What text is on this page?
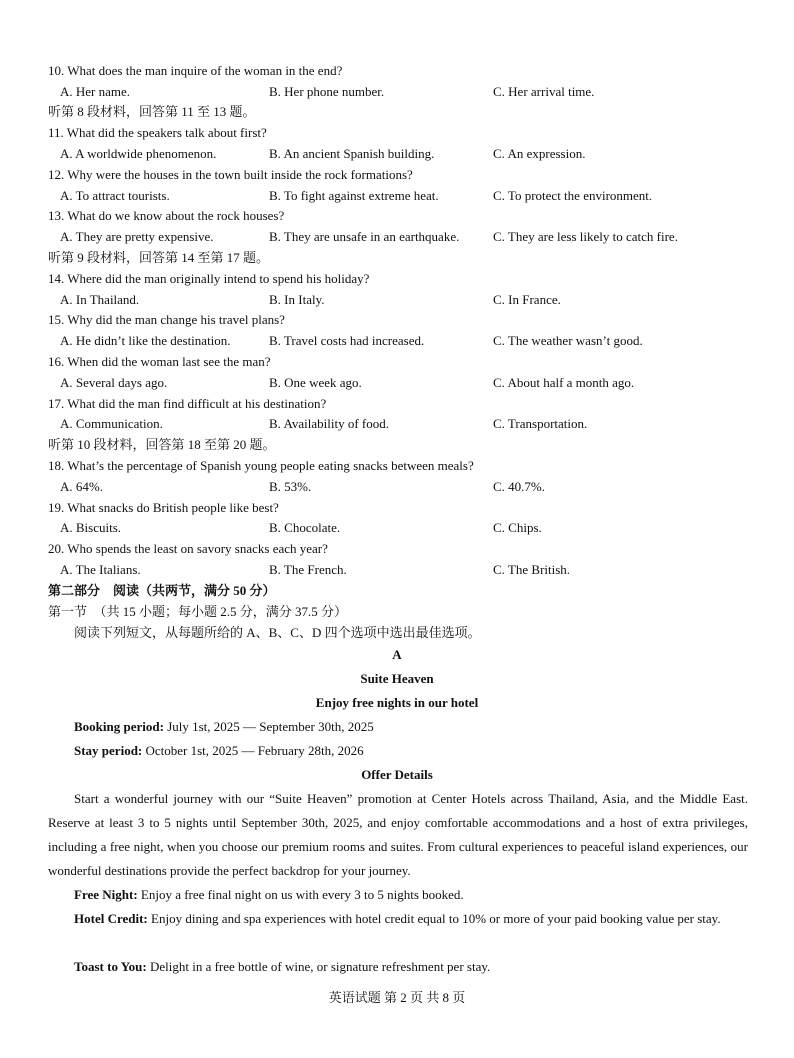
10. What does the man inquire of the woman in the end?
A. Her name.	B. Her phone number.	C. Her arrival time.
听第 8 段材料，回答第 11 至 13 题。
11. What did the speakers talk about first?
A. A worldwide phenomenon.	B. An ancient Spanish building.	C. An expression.
12. Why were the houses in the town built inside the rock formations?
A. To attract tourists.	B. To fight against extreme heat.	C. To protect the environment.
13. What do we know about the rock houses?
A. They are pretty expensive.	B. They are unsafe in an earthquake.	C. They are less likely to catch fire.
听第 9 段材料，回答第 14 至第 17 题。
14. Where did the man originally intend to spend his holiday?
A. In Thailand.	B. In Italy.	C. In France.
15. Why did the man change his travel plans?
A. He didn’t like the destination.	B. Travel costs had increased.	C. The weather wasn’t good.
16. When did the woman last see the man?
A. Several days ago.	B. One week ago.	C. About half a month ago.
17. What did the man find difficult at his destination?
A. Communication.	B. Availability of food.	C. Transportation.
听第 10 段材料，回答第 18 至第 20 题。
18. What’s the percentage of Spanish young people eating snacks between meals?
A. 64%.	B. 53%.	C. 40.7%.
19. What snacks do British people like best?
A. Biscuits.	B. Chocolate.	C. Chips.
20. Who spends the least on savory snacks each year?
A. The Italians.	B. The French.	C. The British.
第二部分　阅读（共两节，满分 50 分）
第一节　（共 15 小题；每小题 2.5 分，满分 37.5 分）
阅读下列短文，从每题所给的 A、B、C、D 四个选项中选出最佳选项。
A
Suite Heaven
Enjoy free nights in our hotel
Booking period: July 1st, 2025 — September 30th, 2025
Stay period: October 1st, 2025 — February 28th, 2026
Offer Details
Start a wonderful journey with our “Suite Heaven” promotion at Center Hotels across Thailand, Asia, and the Middle East. Reserve at least 3 to 5 nights until September 30th, 2025, and enjoy comfortable accommodations and a host of extra privileges, including a free night, when you choose our premium rooms and suites. From cultural experiences to peaceful island experiences, our wonderful destinations provide the perfect backdrop for your journey.
Free Night: Enjoy a free final night on us with every 3 to 5 nights booked.
Hotel Credit: Enjoy dining and spa experiences with hotel credit equal to 10% or more of your paid booking value per stay.
Toast to You: Delight in a free bottle of wine, or signature refreshment per stay.
英语试题 第 2 页 共 8 页
